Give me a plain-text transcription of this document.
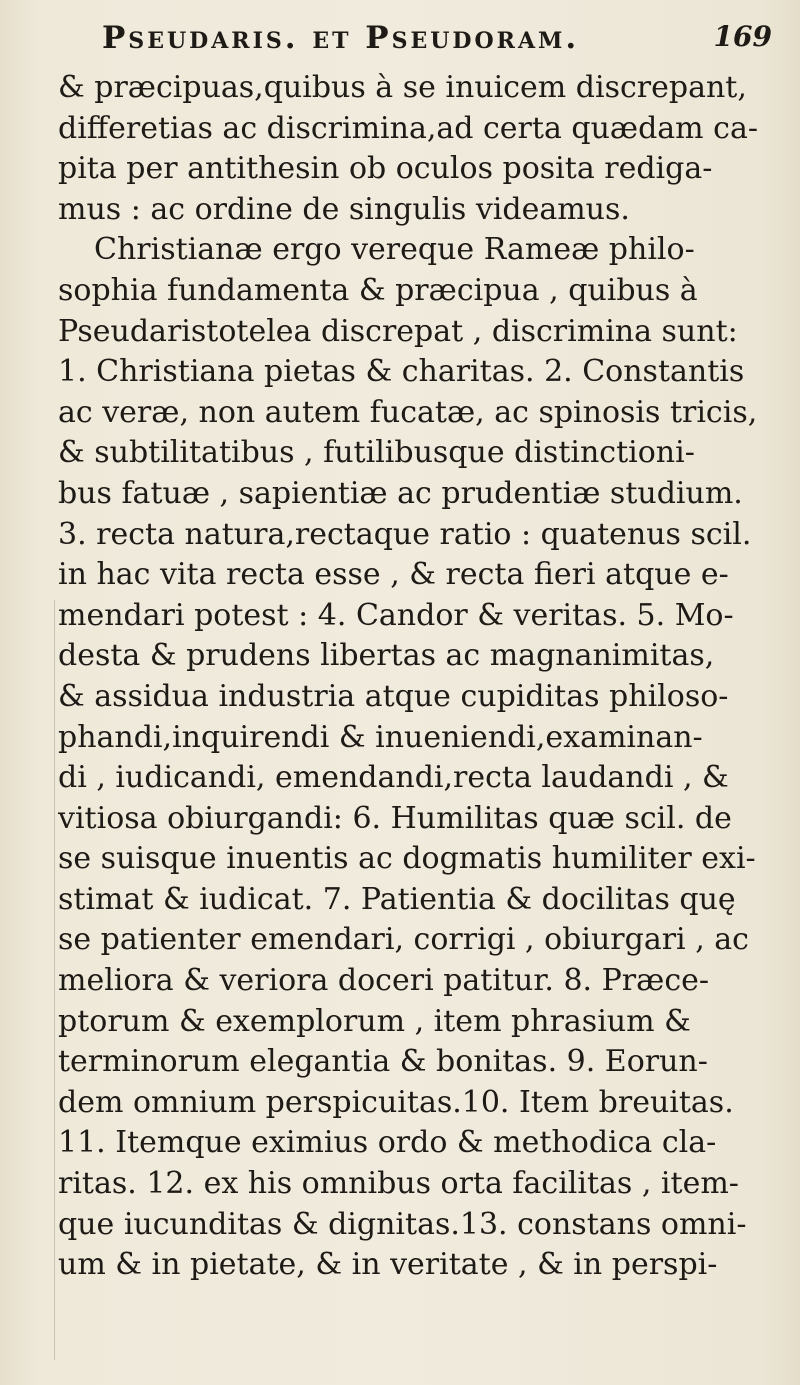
Pseudaris. et Pseudoram.	169
& præcipuas,quibus à se inuicem discrepant,
differetias ac discrimina,ad certa quædam ca-
pita per antithesin ob oculos posita rediga-
mus : ac ordine de singulis videamus.
Christianæ ergo vereque Rameæ philo-
sophia fundamenta & præcipua , quibus à
Pseudaristotelea discrepat , discrimina sunt:
1. Christiana pietas & charitas. 2. Constantis
ac veræ, non autem fucatæ, ac spinosis tricis,
& subtilitatibus , futilibusque distinctioni-
bus fatuæ , sapientiæ ac prudentiæ studium.
3. recta natura,rectaque ratio : quatenus scil.
in hac vita recta esse , & recta fieri atque e-
mendari potest : 4. Candor & veritas. 5. Mo-
desta & prudens libertas ac magnanimitas,
& assidua industria atque cupiditas philoso-
phandi,inquirendi & inueniendi,examinan-
di , iudicandi, emendandi,recta laudandi , &
vitiosa obiurgandi: 6. Humilitas quæ scil. de
se suisque inuentis ac dogmatis humiliter exi-
stimat & iudicat. 7. Patientia & docilitas quę
se patienter emendari, corrigi , obiurgari , ac
meliora & veriora doceri patitur. 8. Præce-
ptorum & exemplorum , item phrasium &
terminorum elegantia & bonitas. 9. Eorun-
dem omnium perspicuitas.10. Item breuitas.
11. Itemque eximius ordo & methodica cla-
ritas. 12. ex his omnibus orta facilitas , item-
que iucunditas & dignitas.13. constans omni-
um & in pietate, & in veritate , & in perspi-
